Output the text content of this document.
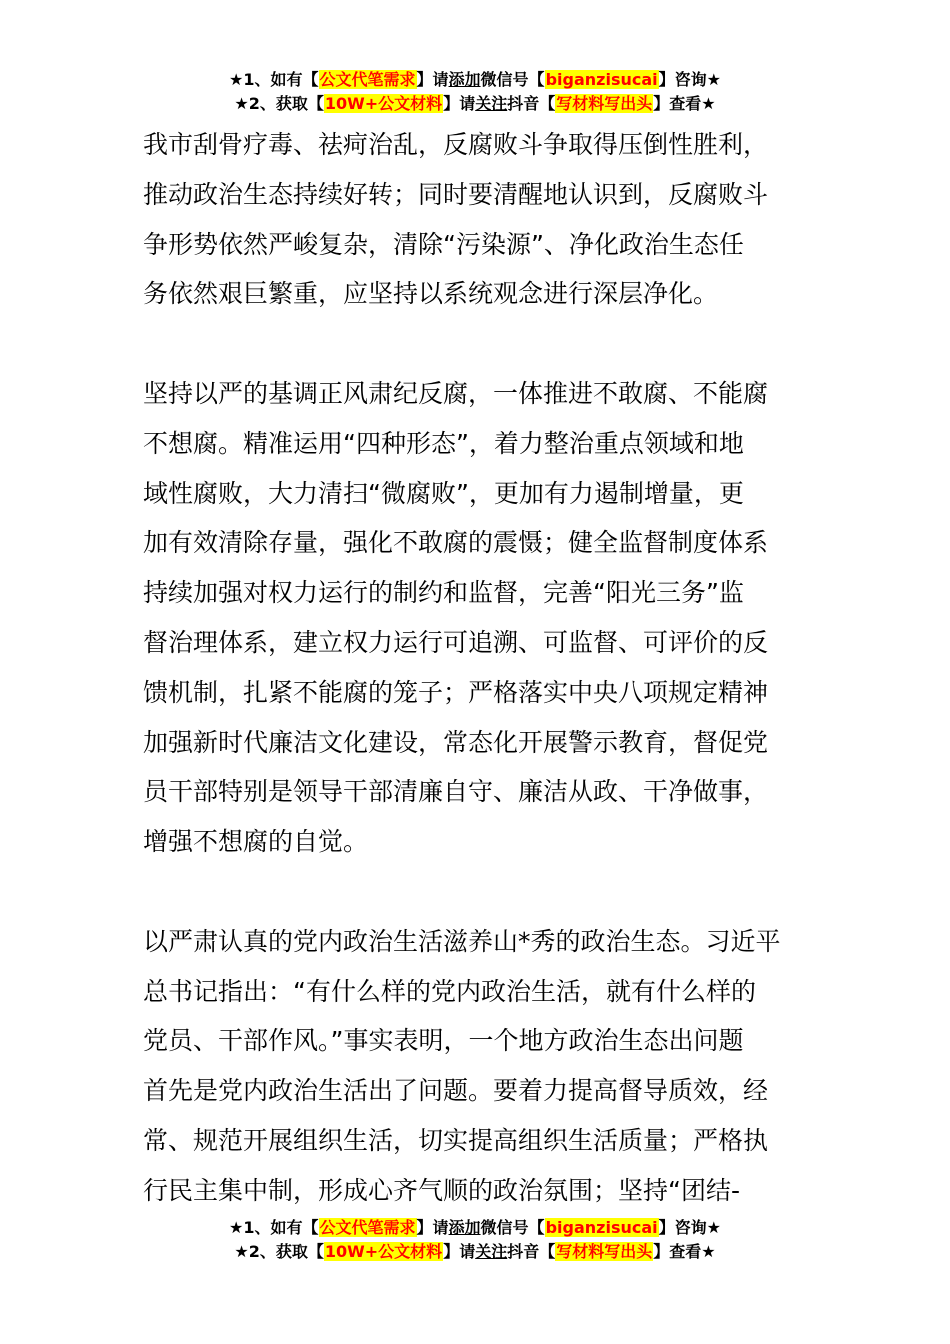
★1、如有【公文代笔需求】请添加微信号【biganzisucai】咨询★
★2、获取【10W+公文材料】请关注抖音【写材料写出头】查看★
我市刮骨疗毒、祛疴治乱，反腐败斗争取得压倒性胜利，
推动政治生态持续好转；同时要清醒地认识到，反腐败斗
争形势依然严峻复杂，清除“污染源”、净化政治生态任
务依然艰巨繁重，应坚持以系统观念进行深层净化。
坚持以严的基调正风肃纪反腐，一体推进不敢腐、不能腐
不想腐。精准运用“四种形态”，着力整治重点领域和地
域性腐败，大力清扫“微腐败”，更加有力遏制增量，更
加有效清除存量，强化不敢腐的震慑；健全监督制度体系
持续加强对权力运行的制约和监督，完善“阳光三务”监
督治理体系，建立权力运行可追溯、可监督、可评价的反
馈机制，扎紧不能腐的笼子；严格落实中央八项规定精神
加强新时代廉洁文化建设，常态化开展警示教育，督促党
员干部特别是领导干部清廉自守、廉洁从政、干净做事，
增强不想腐的自觉。
以严肃认真的党内政治生活滋养山*秀的政治生态。习近平
总书记指出：“有什么样的党内政治生活，就有什么样的
党员、干部作风。”事实表明，一个地方政治生态出问题
首先是党内政治生活出了问题。要着力提高督导质效，经
常、规范开展组织生活，切实提高组织生活质量；严格执
行民主集中制，形成心齐气顺的政治氛围；坚持“团结-
★1、如有【公文代笔需求】请添加微信号【biganzisucai】咨询★
★2、获取【10W+公文材料】请关注抖音【写材料写出头】查看★
